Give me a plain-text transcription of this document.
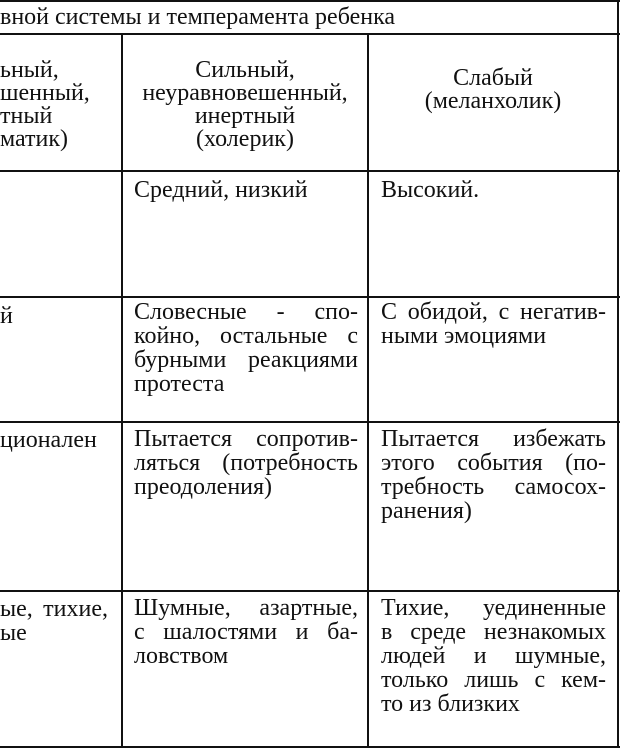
вной системы и темперамента ребенка
ьный,
шенный,
тный
матик)
Сильный,
неуравновешенный,
инертный
(холерик)
Слабый
(меланхолик)
Средний, низкий	Высокий.
й	Словесные - спо-
койно, остальные с
бурными реакциями
протеста
С обидой, с негатив-
ными эмоциями
ционален Пытается сопротив-
ляться (потребность
преодоления)
Пытается избежать
этого события (по-
требность самосох-
ранения)
ые, тихие,
ые
Шумные, азартные,
с шалостями и ба-
ловством
Тихие, уединенные
в среде незнакомых
людей и шумные,
только лишь с кем-
то из близких
